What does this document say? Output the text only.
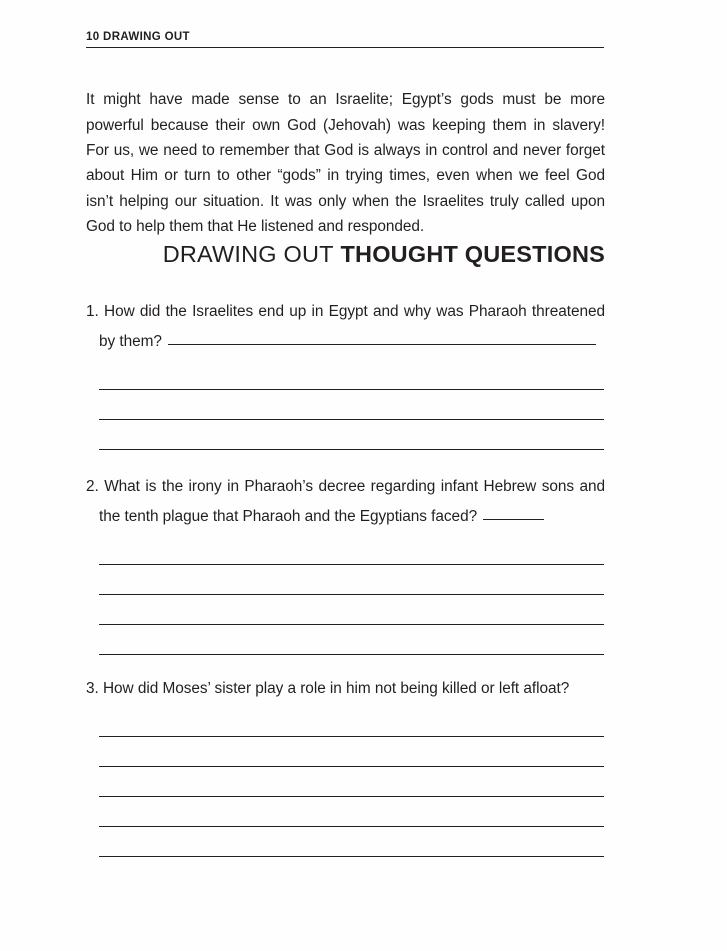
10 DRAWING OUT

It might have made sense to an Israelite; Egypt’s gods must be more powerful because their own God (Jehovah) was keeping them in slavery! For us, we need to remember that God is always in control and never forget about Him or turn to other “gods” in trying times, even when we feel God isn’t helping our situation. It was only when the Israelites truly called upon God to help them that He listened and responded.

DRAWING OUT THOUGHT QUESTIONS
1. How did the Israelites end up in Egypt and why was Pharaoh threatened by them?
2. What is the irony in Pharaoh’s decree regarding infant Hebrew sons and the tenth plague that Pharaoh and the Egyptians faced?
3. How did Moses’ sister play a role in him not being killed or left afloat?
